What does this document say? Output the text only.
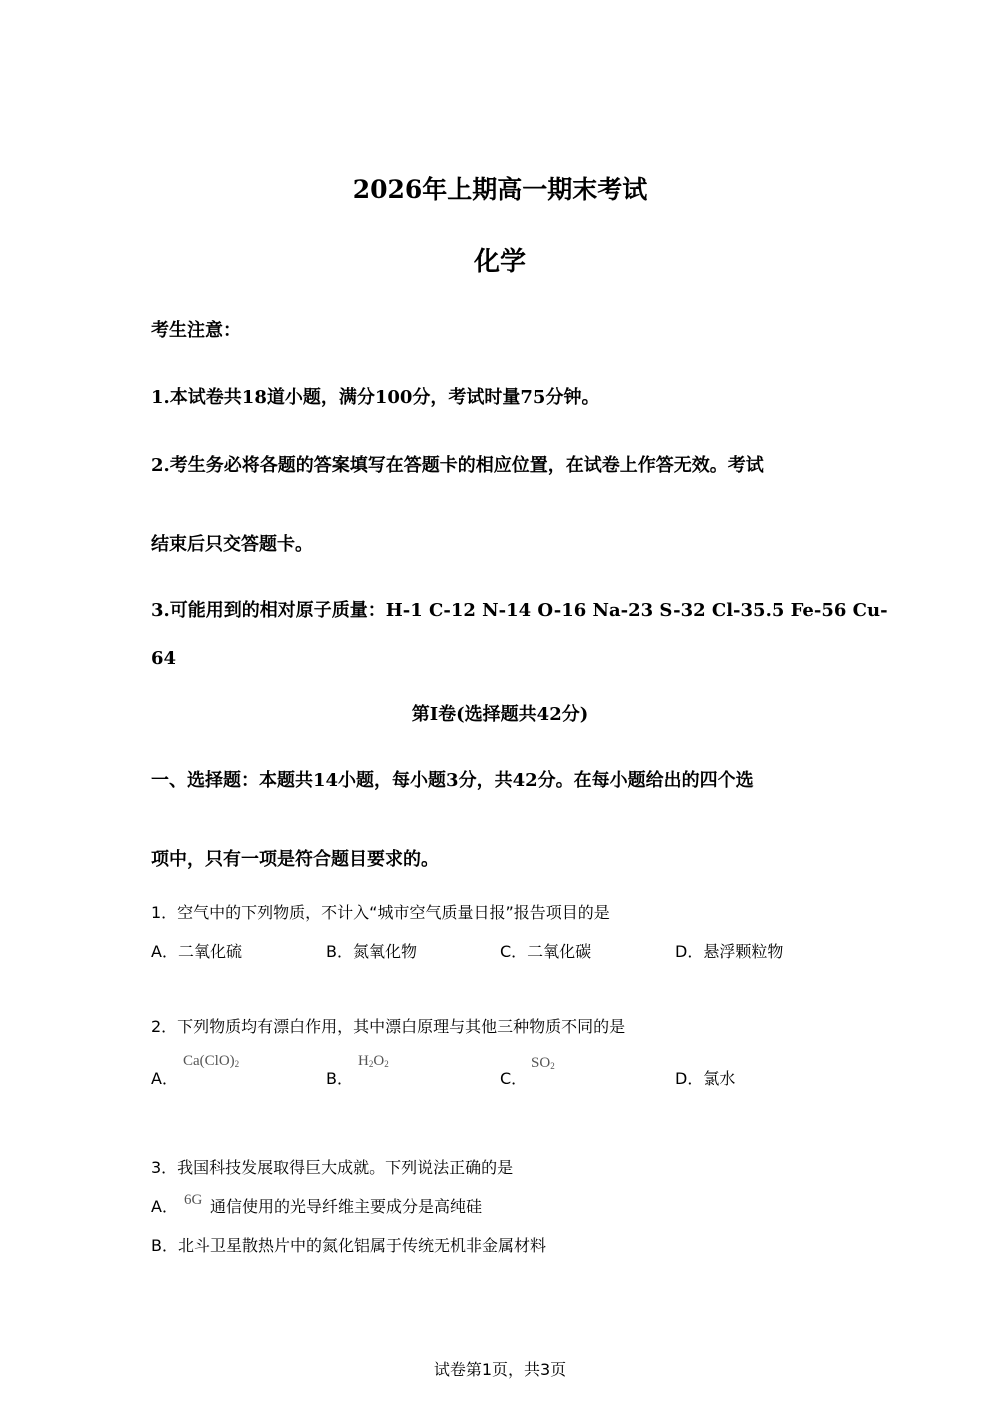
2026年上期高一期末考试
化学
考生注意：
1.本试卷共18道小题，满分100分，考试时量75分钟。
2.考生务必将各题的答案填写在答题卡的相应位置，在试卷上作答无效。考试
结束后只交答题卡。
3.可能用到的相对原子质量：H-1 C-12 N-14 O-16 Na-23 S-32 Cl-35.5 Fe-56 Cu-
64
第I卷(选择题共42分)
一、选择题：本题共14小题，每小题3分，共42分。在每小题给出的四个选
项中，只有一项是符合题目要求的。
1．空气中的下列物质，不计入“城市空气质量日报”报告项目的是
A．二氧化硫	B．氮氧化物	C．二氧化碳	D．悬浮颗粒物
2．下列物质均有漂白作用，其中漂白原理与其他三种物质不同的是
A．
$Ca(ClO)_2$
B．
$H_2O_2$
C．
$SO_2$
D．氯水
3．我国科技发展取得巨大成就。下列说法正确的是
A． 6G 通信使用的光导纤维主要成分是高纯硅
B．北斗卫星散热片中的氮化铝属于传统无机非金属材料
试卷第1页，共3页
